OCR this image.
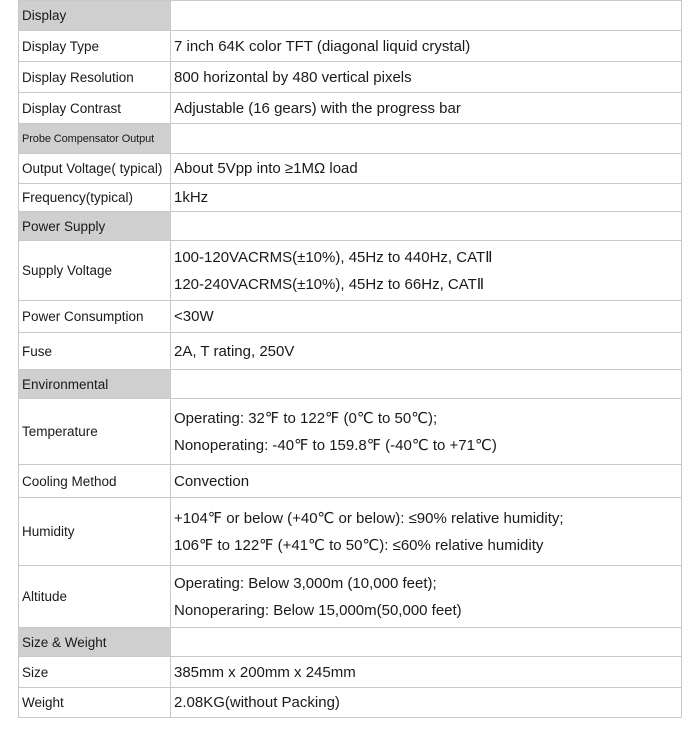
Display	
Display Type	7 inch 64K color TFT (diagonal liquid crystal)

Display Resolution	800 horizontal by 480 vertical pixels

Display Contrast	Adjustable (16 gears) with the progress bar

Probe Compensator Output	
Output Voltage( typical)	About 5Vpp into ≥1MΩ load

Frequency(typical)	1kHz

Power Supply	
Supply Voltage	100-120VACRMS(±10%), 45Hz to 440Hz, CATⅡ
120-240VACRMS(±10%), 45Hz to 66Hz, CATⅡ

Power Consumption	<30W

Fuse	2A, T rating, 250V

Environmental	
Temperature	Operating: 32℉ to 122℉ (0℃ to 50℃);
Nonoperating: -40℉ to 159.8℉ (-40℃ to +71℃)

Cooling Method	Convection

Humidity	+104℉ or below (+40℃ or below): ≤90% relative humidity;
106℉ to 122℉ (+41℃ to 50℃): ≤60% relative humidity

Altitude	Operating: Below 3,000m (10,000 feet);
Nonoperaring: Below 15,000m(50,000 feet)

Size & Weight	
Size	385mm x 200mm x 245mm

Weight	2.08KG(without Packing)
